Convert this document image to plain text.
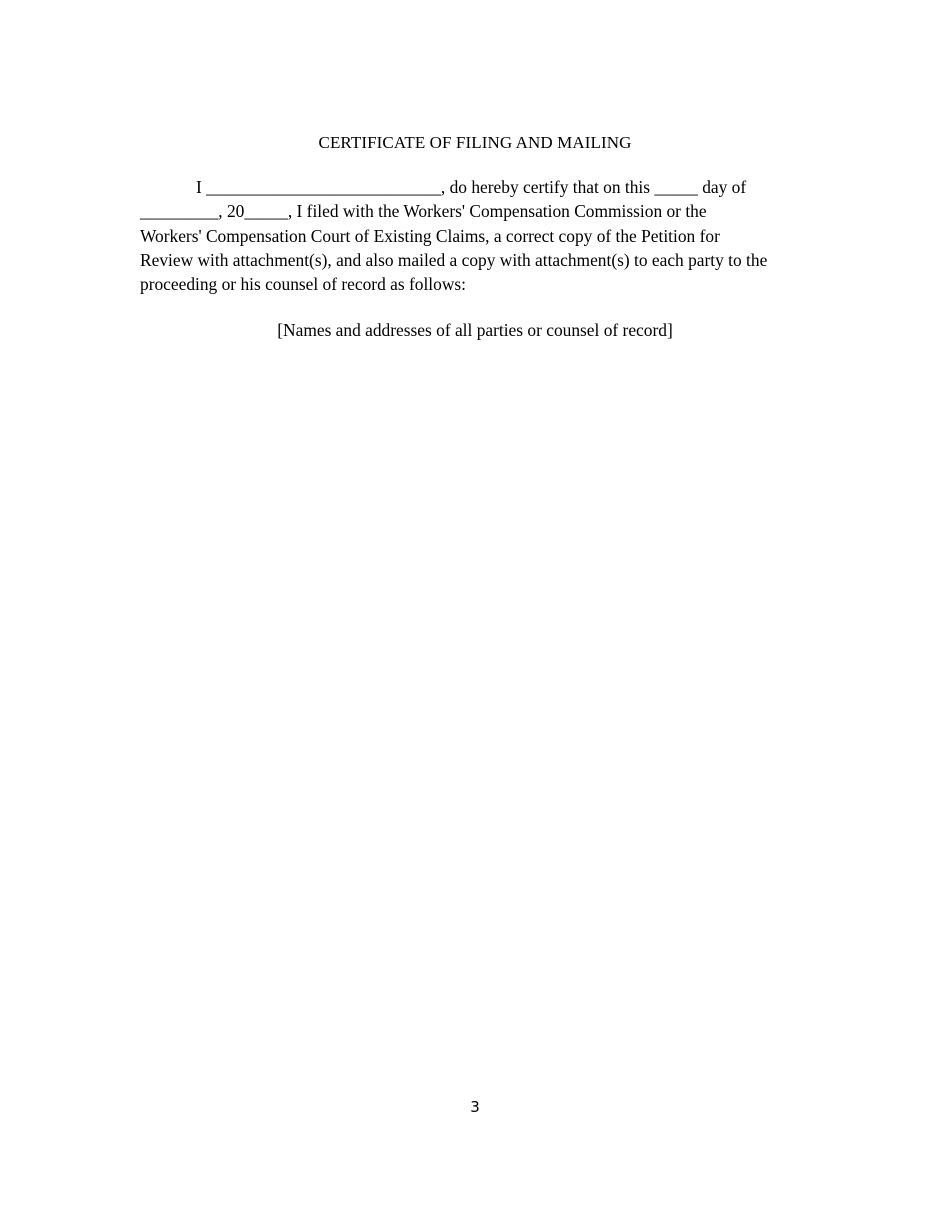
CERTIFICATE OF FILING AND MAILING
I ___________________________, do hereby certify that on this _____ day of
_________, 20_____, I filed with the Workers' Compensation Commission or the
Workers' Compensation Court of Existing Claims, a correct copy of the Petition for
Review with attachment(s), and also mailed a copy with attachment(s) to each party to the
proceeding or his counsel of record as follows:
[Names and addresses of all parties or counsel of record]
3
